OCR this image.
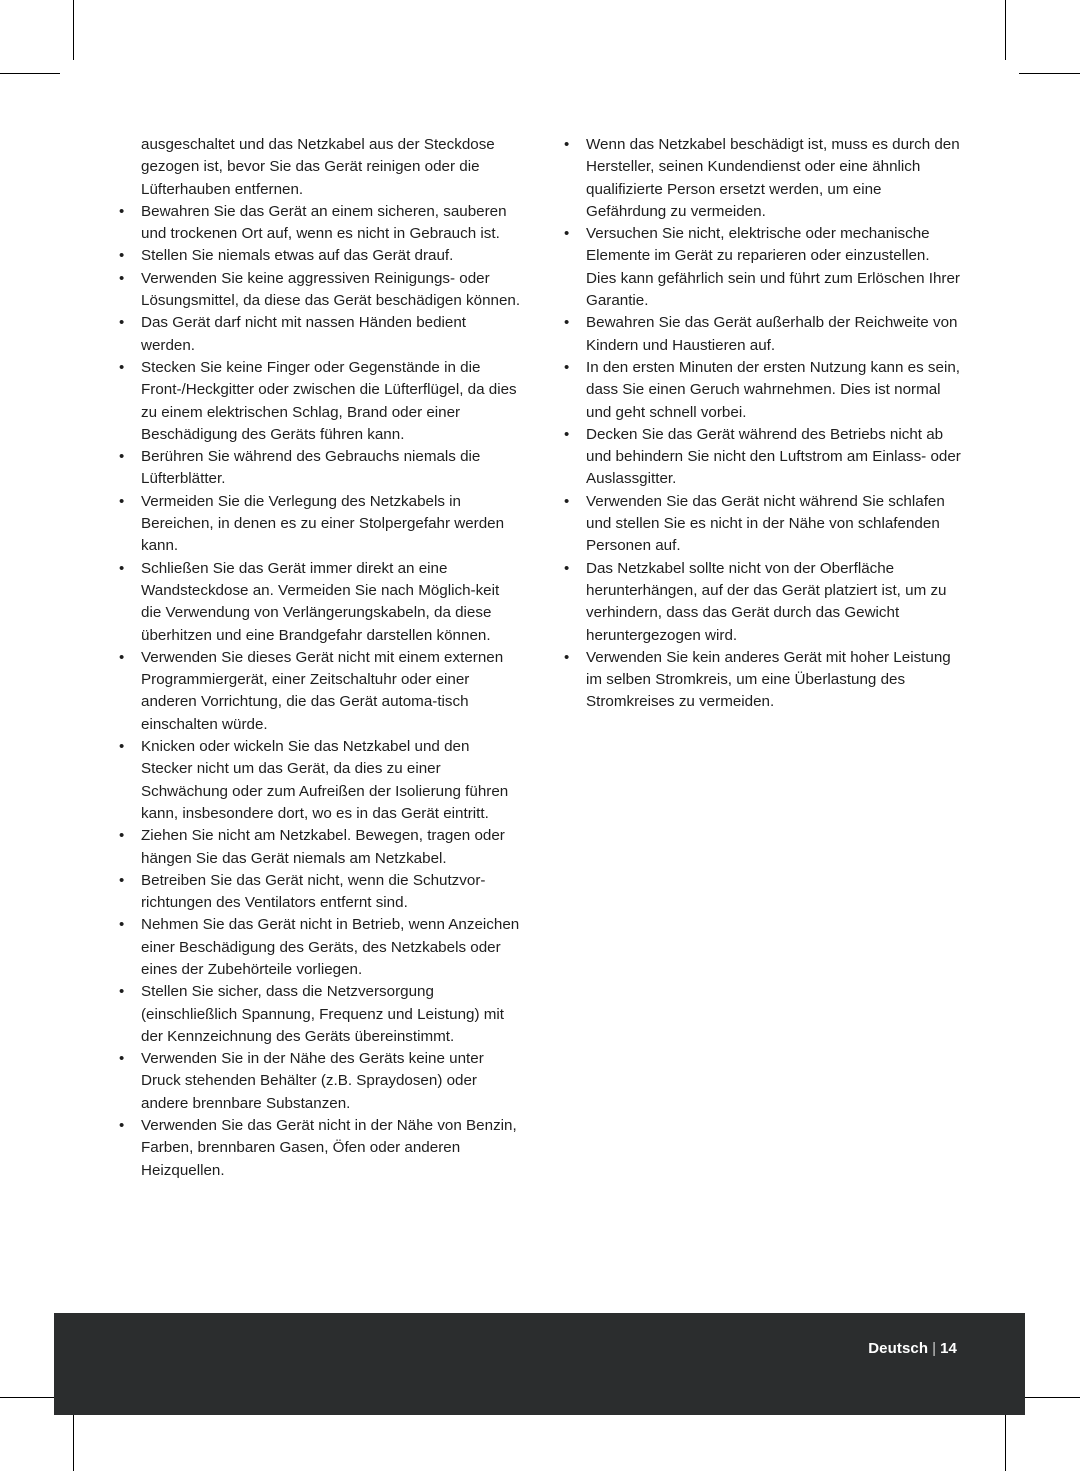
ausgeschaltet und das Netzkabel aus der Steckdose gezogen ist, bevor Sie das Gerät reinigen oder die Lüfterhauben entfernen.
• Bewahren Sie das Gerät an einem sicheren, sauberen und trockenen Ort auf, wenn es nicht in Gebrauch ist.
• Stellen Sie niemals etwas auf das Gerät drauf.
• Verwenden Sie keine aggressiven Reinigungs- oder Lösungsmittel, da diese das Gerät beschädigen können.
• Das Gerät darf nicht mit nassen Händen bedient werden.
• Stecken Sie keine Finger oder Gegenstände in die Front-/Heckgitter oder zwischen die Lüfterflügel, da dies zu einem elektrischen Schlag, Brand oder einer Beschädigung des Geräts führen kann.
• Berühren Sie während des Gebrauchs niemals die Lüfterblätter.
• Vermeiden Sie die Verlegung des Netzkabels in Bereichen, in denen es zu einer Stolpergefahr werden kann.
• Schließen Sie das Gerät immer direkt an eine Wandsteckdose an. Vermeiden Sie nach Möglich-keit die Verwendung von Verlängerungskabeln, da diese überhitzen und eine Brandgefahr darstellen können.
• Verwenden Sie dieses Gerät nicht mit einem externen Programmiergerät, einer Zeitschaltuhr oder einer anderen Vorrichtung, die das Gerät automa-tisch einschalten würde.
• Knicken oder wickeln Sie das Netzkabel und den Stecker nicht um das Gerät, da dies zu einer Schwächung oder zum Aufreißen der Isolierung führen kann, insbesondere dort, wo es in das Gerät eintritt.
• Ziehen Sie nicht am Netzkabel. Bewegen, tragen oder hängen Sie das Gerät niemals am Netzkabel.
• Betreiben Sie das Gerät nicht, wenn die Schutzvor-richtungen des Ventilators entfernt sind.
• Nehmen Sie das Gerät nicht in Betrieb, wenn Anzeichen einer Beschädigung des Geräts, des Netzkabels oder eines der Zubehörteile vorliegen.
• Stellen Sie sicher, dass die Netzversorgung (einschließlich Spannung, Frequenz und Leistung) mit der Kennzeichnung des Geräts übereinstimmt.
• Verwenden Sie in der Nähe des Geräts keine unter Druck stehenden Behälter (z.B. Spraydosen) oder andere brennbare Substanzen.
• Verwenden Sie das Gerät nicht in der Nähe von Benzin, Farben, brennbaren Gasen, Öfen oder anderen Heizquellen.
• Wenn das Netzkabel beschädigt ist, muss es durch den Hersteller, seinen Kundendienst oder eine ähnlich qualifizierte Person ersetzt werden, um eine Gefährdung zu vermeiden.
• Versuchen Sie nicht, elektrische oder mechanische Elemente im Gerät zu reparieren oder einzustellen. Dies kann gefährlich sein und führt zum Erlöschen Ihrer Garantie.
• Bewahren Sie das Gerät außerhalb der Reichweite von Kindern und Haustieren auf.
• In den ersten Minuten der ersten Nutzung kann es sein, dass Sie einen Geruch wahrnehmen. Dies ist normal und geht schnell vorbei.
• Decken Sie das Gerät während des Betriebs nicht ab und behindern Sie nicht den Luftstrom am Einlass- oder Auslassgitter.
• Verwenden Sie das Gerät nicht während Sie schlafen und stellen Sie es nicht in der Nähe von schlafenden Personen auf.
• Das Netzkabel sollte nicht von der Oberfläche herunterhängen, auf der das Gerät platziert ist, um zu verhindern, dass das Gerät durch das Gewicht heruntergezogen wird.
• Verwenden Sie kein anderes Gerät mit hoher Leistung im selben Stromkreis, um eine Überlastung des Stromkreises zu vermeiden.
Deutsch | 14
